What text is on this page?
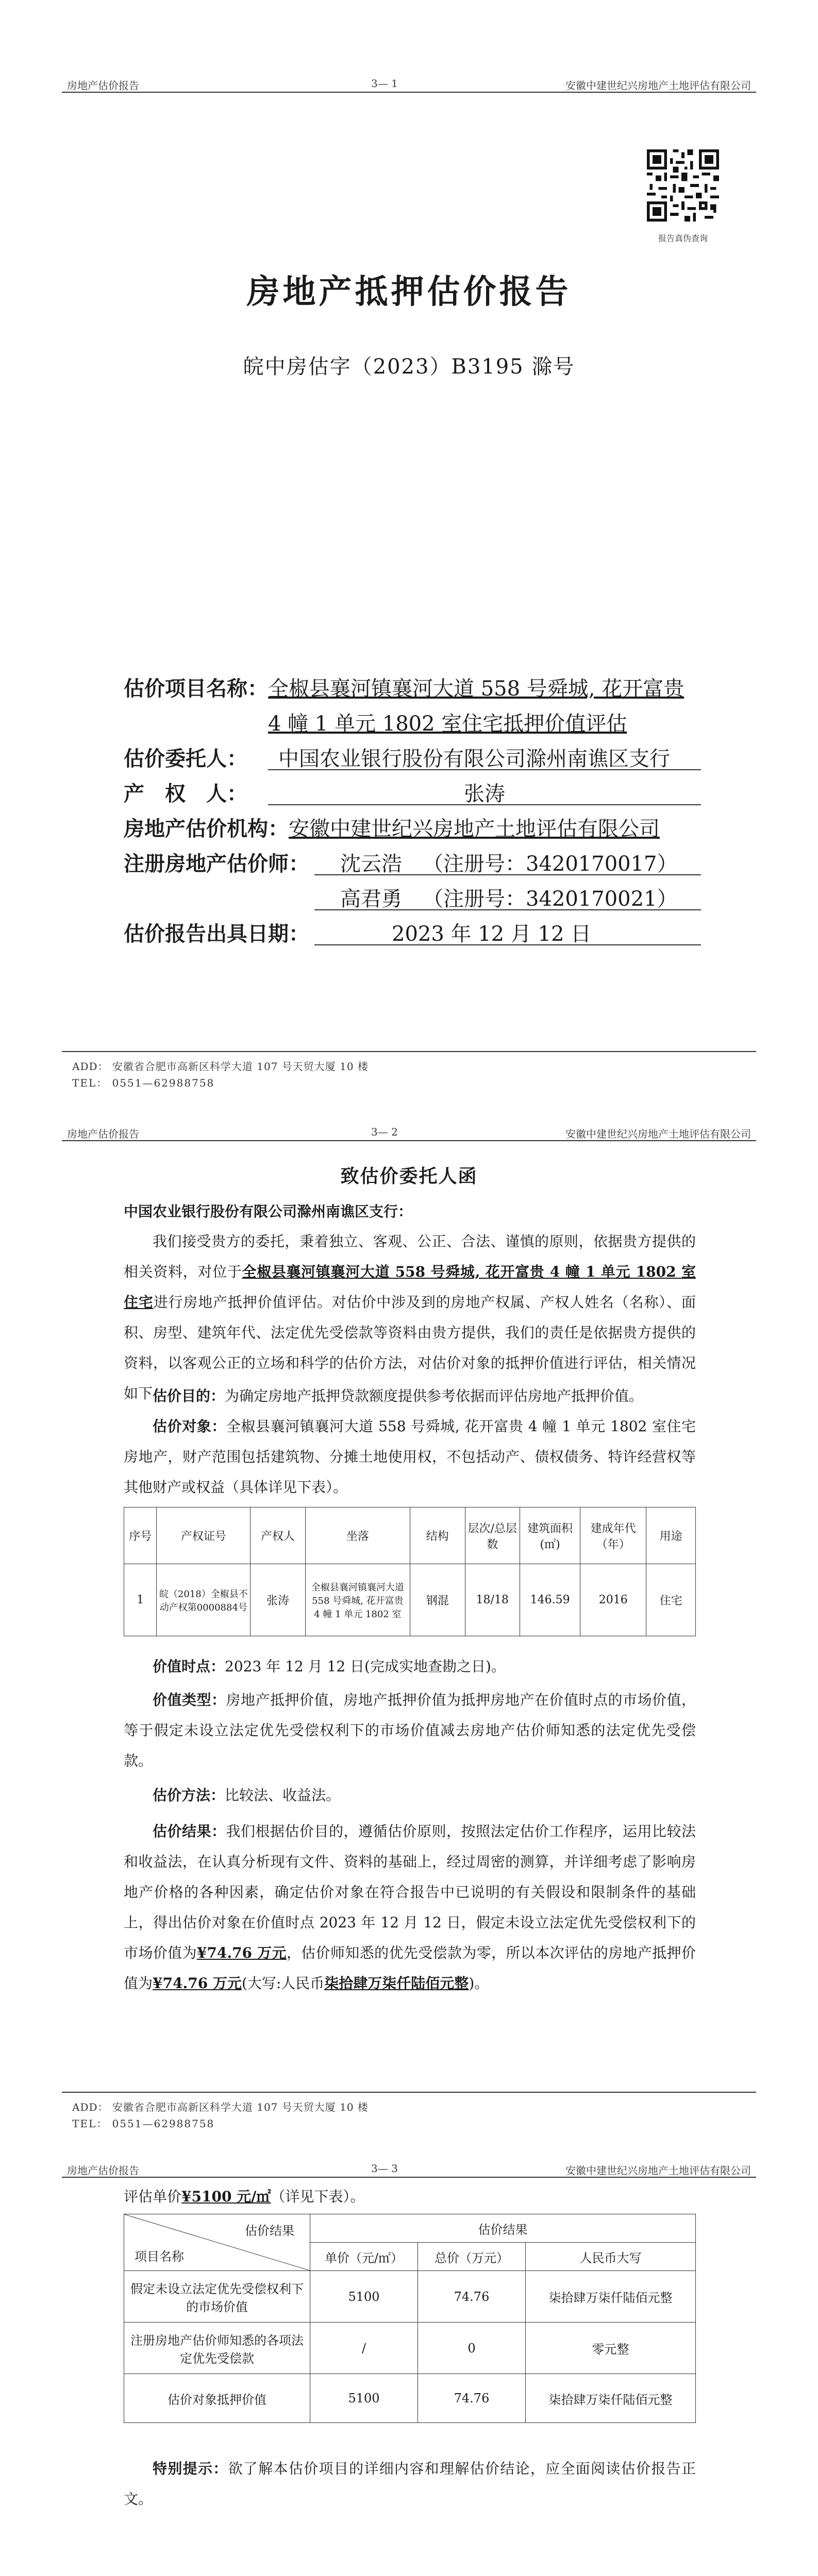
房地产估价报告	3— 1	安徽中建世纪兴房地产土地评估有限公司
报告真伪查询
房地产抵押估价报告
皖中房估字（2023）B3195 滁号
估价项目名称： 全椒县襄河镇襄河大道 558 号舜城, 花开富贵
4 幢 1 单元 1802 室住宅抵押价值评估
估价委托人： 中国农业银行股份有限公司滁州南谯区支行
产　权　人：	张涛
房地产估价机构： 安徽中建世纪兴房地产土地评估有限公司
注册房地产估价师： 沈云浩 （注册号：3420170017）
高君勇 （注册号：3420170021）
估价报告出具日期：	2023 年 12 月 12 日
ADD： 安徽省合肥市高新区科学大道 107 号天贸大厦 10 楼
TEL： 0551—62988758
房地产估价报告	3— 2	安徽中建世纪兴房地产土地评估有限公司
致估价委托人函
中国农业银行股份有限公司滁州南谯区支行：
我们接受贵方的委托，秉着独立、客观、公正、合法、谨慎的原则，依据贵方提供的相关资料，对位于全椒县襄河镇襄河大道 558 号舜城, 花开富贵 4 幢 1 单元 1802 室住宅进行房地产抵押价值评估。对估价中涉及到的房地产权属、产权人姓名（名称）、面积、房型、建筑年代、法定优先受偿款等资料由贵方提供，我们的责任是依据贵方提供的资料，以客观公正的立场和科学的估价方法，对估价对象的抵押价值进行评估，相关情况如下：
估价目的：为确定房地产抵押贷款额度提供参考依据而评估房地产抵押价值。
估价对象：全椒县襄河镇襄河大道 558 号舜城, 花开富贵 4 幢 1 单元 1802 室住宅房地产，财产范围包括建筑物、分摊土地使用权，不包括动产、债权债务、特许经营权等其他财产或权益（具体详见下表）。
序号	产权证号	产权人	坐落	结构	层次/总层数	建筑面积(㎡)	建成年代（年）	用途
1	皖（2018）全椒县不动产权第0000884号	张涛	全椒县襄河镇襄河大道 558 号舜城, 花开富贵 4 幢 1 单元 1802 室	钢混	18/18	146.59	2016	住宅
价值时点：2023 年 12 月 12 日(完成实地查勘之日)。
价值类型：房地产抵押价值，房地产抵押价值为抵押房地产在价值时点的市场价值，等于假定未设立法定优先受偿权利下的市场价值减去房地产估价师知悉的法定优先受偿款。
估价方法：比较法、收益法。
估价结果：我们根据估价目的，遵循估价原则，按照法定估价工作程序，运用比较法和收益法，在认真分析现有文件、资料的基础上，经过周密的测算，并详细考虑了影响房地产价格的各种因素，确定估价对象在符合报告中已说明的有关假设和限制条件的基础上，得出估价对象在价值时点 2023 年 12 月 12 日，假定未设立法定优先受偿权利下的市场价值为¥74.76 万元，估价师知悉的优先受偿款为零，所以本次评估的房地产抵押价值为¥74.76 万元(大写:人民币柒拾肆万柒仟陆佰元整)。
ADD： 安徽省合肥市高新区科学大道 107 号天贸大厦 10 楼
TEL： 0551—62988758
房地产估价报告	3— 3	安徽中建世纪兴房地产土地评估有限公司
评估单价¥5100 元/㎡（详见下表）。
估价结果
项目名称	估价结果		
	单价（元/㎡）	总价（万元）	人民币大写
假定未设立法定优先受偿权利下的市场价值	5100	74.76	柒拾肆万柒仟陆佰元整
注册房地产估价师知悉的各项法定优先受偿款	/	0	零元整
估价对象抵押价值	5100	74.76	柒拾肆万柒仟陆佰元整
特别提示：欲了解本估价项目的详细内容和理解估价结论，应全面阅读估价报告正文。
